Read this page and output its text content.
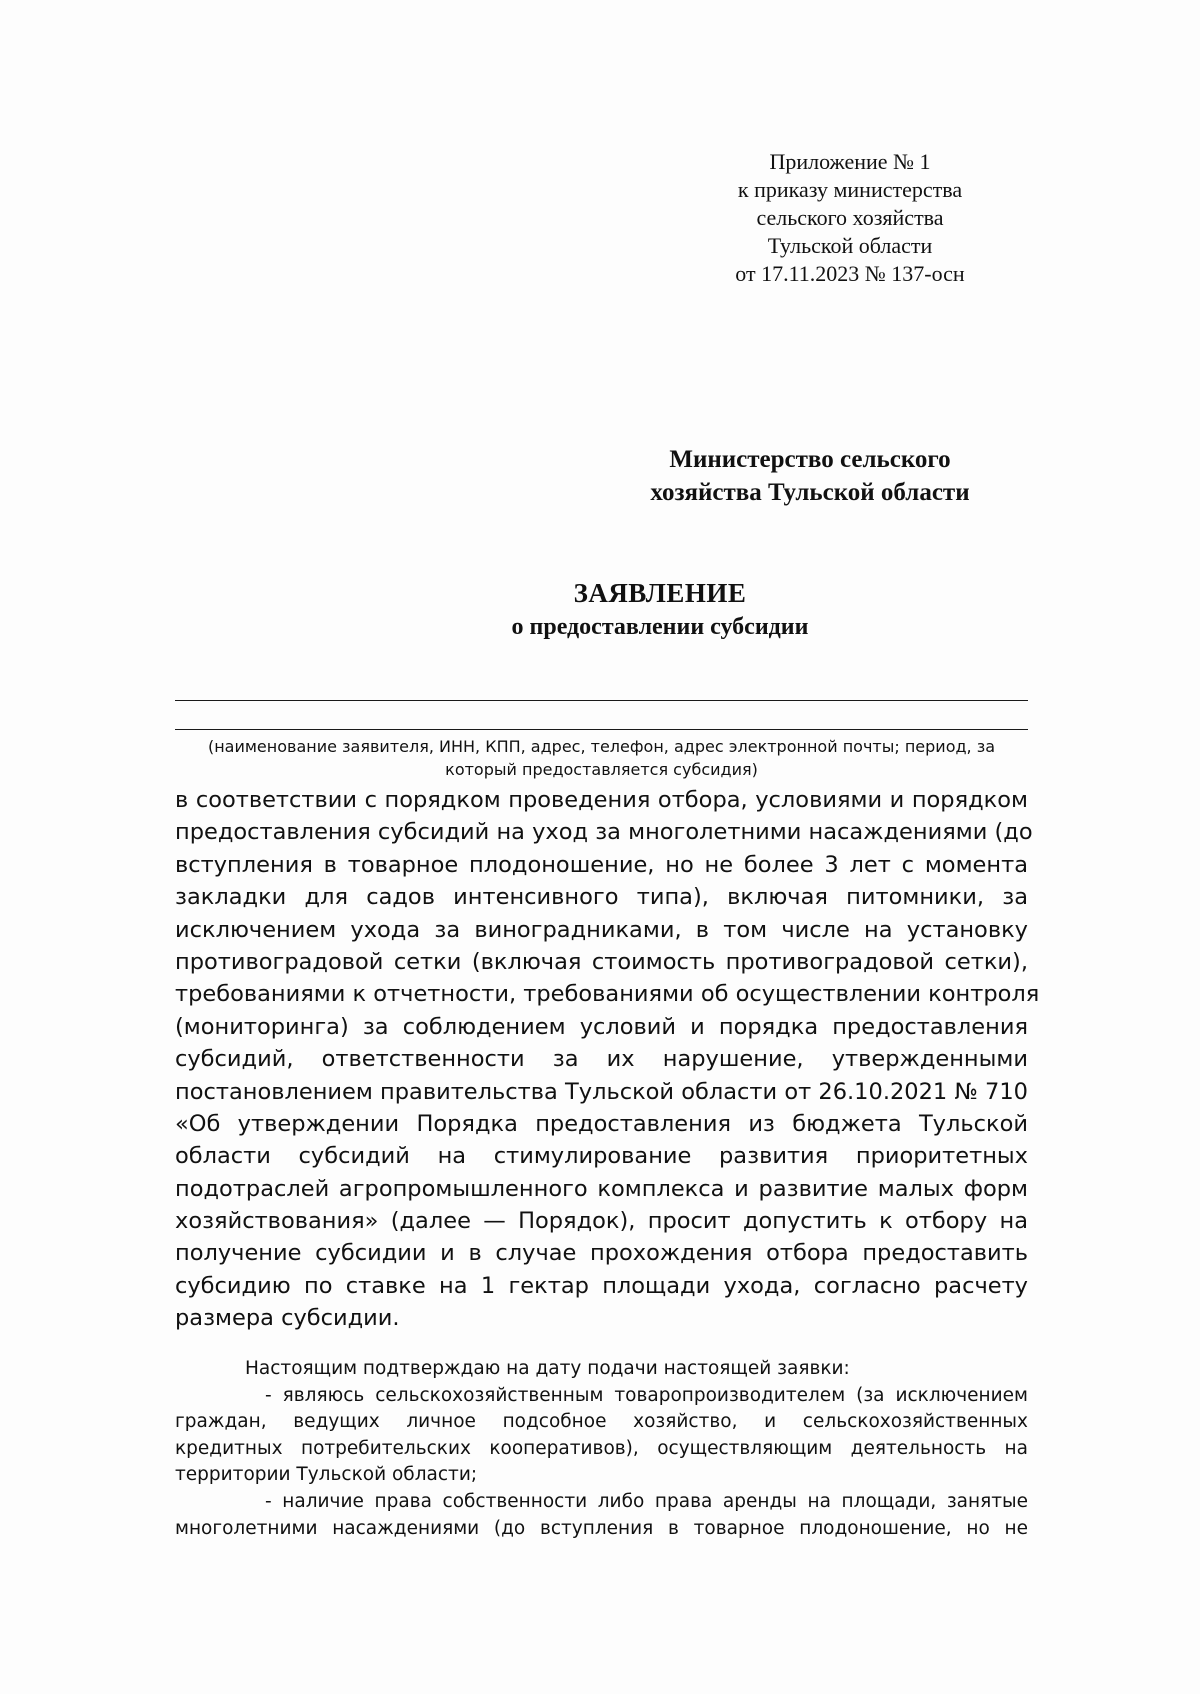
Приложение № 1
к приказу министерства
сельского хозяйства
Тульской области
от 17.11.2023 № 137-осн
Министерство сельского
хозяйства Тульской области
ЗАЯВЛЕНИЕ
о предоставлении субсидии
(наименование заявителя, ИНН, КПП, адрес, телефон, адрес электронной почты; период, за
который предоставляется субсидия)
в соответствии с порядком проведения отбора, условиями и порядком
предоставления субсидий на уход за многолетними насаждениями (до
вступления в товарное плодоношение, но не более 3 лет с момента
закладки для садов интенсивного типа), включая питомники, за
исключением ухода за виноградниками, в том числе на установку
противоградовой сетки (включая стоимость противоградовой сетки),
требованиями к отчетности, требованиями об осуществлении контроля
(мониторинга) за соблюдением условий и порядка предоставления
субсидий, ответственности за их нарушение, утвержденными
постановлением правительства Тульской области от 26.10.2021 № 710
«Об утверждении Порядка предоставления из бюджета Тульской
области субсидий на стимулирование развития приоритетных
подотраслей агропромышленного комплекса и развитие малых форм
хозяйствования» (далее — Порядок), просит допустить к отбору на
получение субсидии и в случае прохождения отбора предоставить
субсидию по ставке на 1 гектар площади ухода, согласно расчету
размера субсидии.
Настоящим подтверждаю на дату подачи настоящей заявки:
- являюсь сельскохозяйственным товаропроизводителем (за исключением
граждан, ведущих личное подсобное хозяйство, и сельскохозяйственных
кредитных потребительских кооперативов), осуществляющим деятельность на
территории Тульской области;
- наличие права собственности либо права аренды на площади, занятые
многолетними насаждениями (до вступления в товарное плодоношение, но не
